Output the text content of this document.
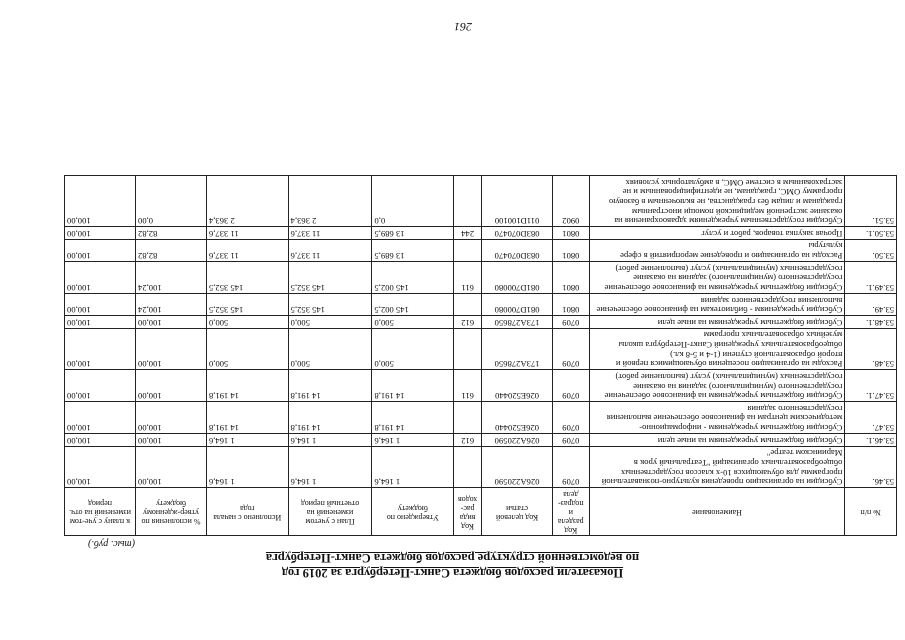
261
Показатели расходов бюджета Санкт-Петербурга за 2019 год
по ведомственной структуре расходов бюджета Санкт-Петербурга
(тыс. руб.)
№ п/п	Наименование	Код раздела и подраз-дела	Код целевой статьи	Код вида рас-ходов	Утверждено по бюджету	План с учетом изменений на отчетный период	Исполнено с начала года	% исполнения по утвер-жденному бюджету	к плану с уче-том изменений на отч. период
53.46.	Субсидии на организацию проведения культурно-познавательной программы для обучающихся 10-х классов государственных общеобразовательных организаций "Театральный урок в Мариинском театре"	0709	026А220590		1 164,6	1 164,6	1 164,6	100,00	100,00
53.46.1.	Субсидии бюджетным учреждениям на иные цели	0709	026А220590	612	1 164,6	1 164,6	1 164,6	100,00	100,00
53.47.	Субсидии бюджетным учреждениям - информационно-методическим центрам на финансовое обеспечение выполнения государственного задания	0709	026Е520440		14 191,8	14 191,8	14 191,8	100,00	100,00
53.47.1.	Субсидии бюджетным учреждениям на финансовое обеспечение государственного (муниципального) задания на оказание государственных (муниципальных) услуг (выполнение работ)	0709	026Е520440	611	14 191,8	14 191,8	14 191,8	100,00	100,00
53.48.	Расходы на организацию посещения обучающимися первой и второй образовательной ступени (1-4 и 5-8 кл.) общеобразовательных учреждений Санкт-Петербурга школы музейных образовательных программ	0709	173А278650		500,0	500,0	500,0	100,00	100,00
53.48.1.	Субсидии бюджетным учреждениям на иные цели	0709	173А278650	612	500,0	500,0	500,0	100,00	100,00
53.49.	Субсидии учреждениям - библиотекам на финансовое обеспечение выполнения государственного задания	0801	081D700080		145 002,5	145 352,5	145 352,5	100,24	100,00
53.49.1.	Субсидии бюджетным учреждениям на финансовое обеспечение государственного (муниципального) задания на оказание государственных (муниципальных) услуг (выполнение работ)	0801	081D700080	611	145 002,5	145 352,5	145 352,5	100,24	100,00
53.50.	Расходы на организацию и проведение мероприятий в сфере культуры	0801	083D070470		13 689,5	11 337,6	11 337,6	82,82	100,00
53.50.1.	Прочая закупка товаров, работ и услуг	0801	083D070470	244	13 689,5	11 337,6	11 337,6	82,82	100,00
53.51.	Субсидии государственным учреждениям здравоохранения на оказание экстренной медицинской помощи иностранным гражданам и лицам без гражданства, не включенным в базовую программу ОМС, гражданам, не идентифицированным и не застрахованным в системе ОМС, в амбулаторных условиях	0902	011D100100		0,0	2 363,4	2 363,4	0,00	100,00
